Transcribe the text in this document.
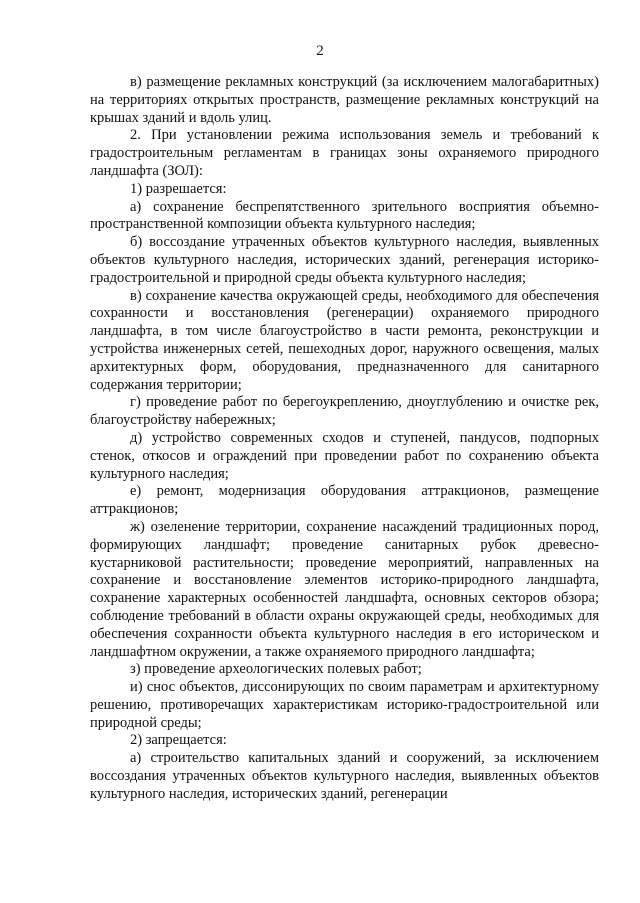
2

в) размещение рекламных конструкций (за исключением малогабаритных) на территориях открытых пространств, размещение рекламных конструкций на крышах зданий и вдоль улиц.

2. При установлении режима использования земель и требований к градостроительным регламентам в границах зоны охраняемого природного ландшафта (ЗОЛ):

1) разрешается:

а) сохранение беспрепятственного зрительного восприятия объемно-пространственной композиции объекта культурного наследия;

б) воссоздание утраченных объектов культурного наследия, выявленных объектов культурного наследия, исторических зданий, регенерация историко-градостроительной и природной среды объекта культурного наследия;

в) сохранение качества окружающей среды, необходимого для обеспечения сохранности и восстановления (регенерации) охраняемого природного ландшафта, в том числе благоустройство в части ремонта, реконструкции и устройства инженерных сетей, пешеходных дорог, наружного освещения, малых архитектурных форм, оборудования, предназначенного для санитарного содержания территории;

г) проведение работ по берегоукреплению, дноуглублению и очистке рек, благоустройству набережных;

д) устройство современных сходов и ступеней, пандусов, подпорных стенок, откосов и ограждений при проведении работ по сохранению объекта культурного наследия;

е) ремонт, модернизация оборудования аттракционов, размещение аттракционов;

ж) озеленение территории, сохранение насаждений традиционных пород, формирующих ландшафт; проведение санитарных рубок древесно-кустарниковой растительности; проведение мероприятий, направленных на сохранение и восстановление элементов историко-природного ландшафта, сохранение характерных особенностей ландшафта, основных секторов обзора; соблюдение требований в области охраны окружающей среды, необходимых для обеспечения сохранности объекта культурного наследия в его историческом и ландшафтном окружении, а также охраняемого природного ландшафта;

з) проведение археологических полевых работ;

и) снос объектов, диссонирующих по своим параметрам и архитектурному решению, противоречащих характеристикам историко-градостроительной или природной среды;

2) запрещается:

а) строительство капитальных зданий и сооружений, за исключением воссоздания утраченных объектов культурного наследия, выявленных объектов культурного наследия, исторических зданий, регенерации
